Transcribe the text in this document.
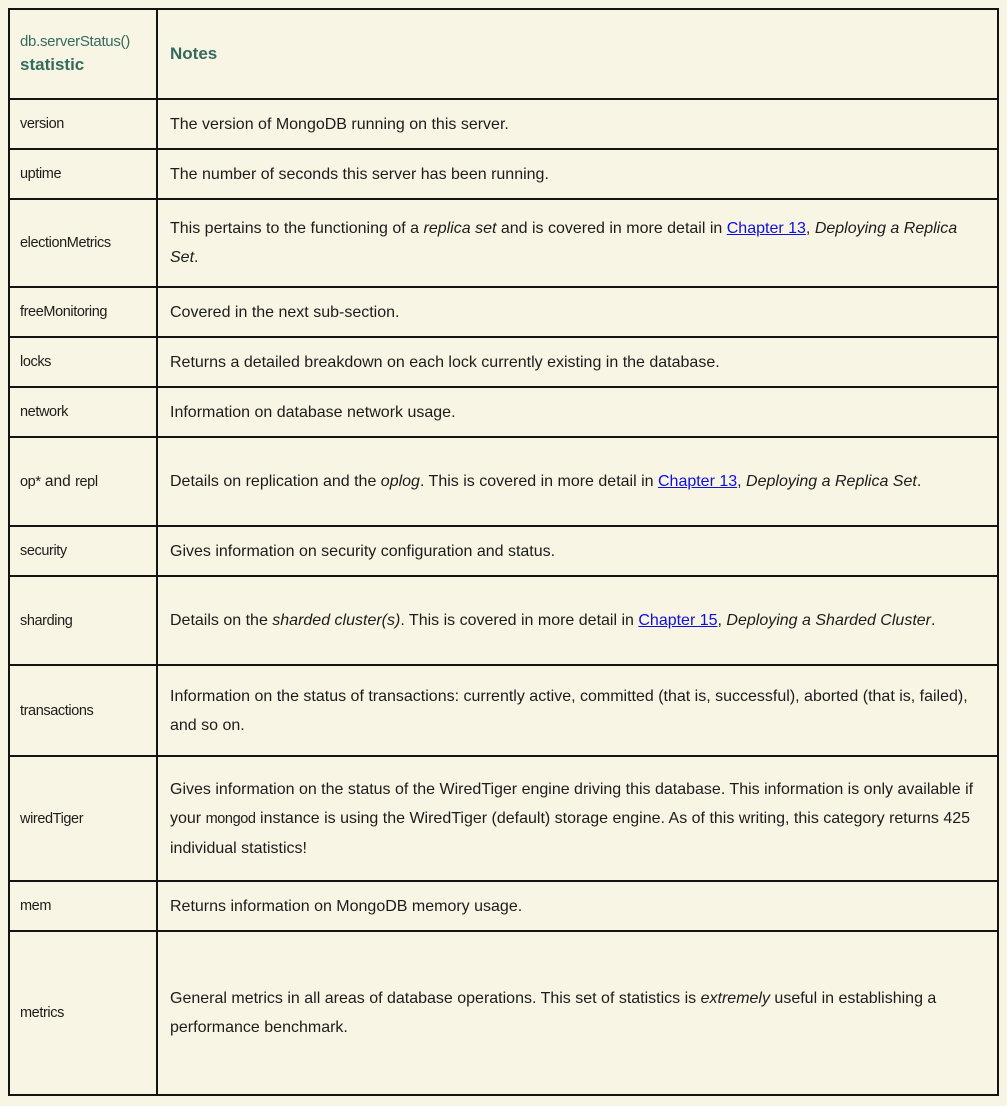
db.serverStatus()
statistic	Notes
version	The version of MongoDB running on this server.
uptime	The number of seconds this server has been running.
electionMetrics	This pertains to the functioning of a replica set and is covered in more detail in Chapter 13, Deploying a Replica Set.
freeMonitoring	Covered in the next sub-section.
locks	Returns a detailed breakdown on each lock currently existing in the database.
network	Information on database network usage.
op* and repl	Details on replication and the oplog. This is covered in more detail in Chapter 13, Deploying a Replica Set.
security	Gives information on security configuration and status.
sharding	Details on the sharded cluster(s). This is covered in more detail in Chapter 15, Deploying a Sharded Cluster.
transactions	Information on the status of transactions: currently active, committed (that is, successful), aborted (that is, failed), and so on.
wiredTiger	Gives information on the status of the WiredTiger engine driving this database. This information is only available if your mongod instance is using the WiredTiger (default) storage engine. As of this writing, this category returns 425 individual statistics!
mem	Returns information on MongoDB memory usage.
metrics	General metrics in all areas of database operations. This set of statistics is extremely useful in establishing a performance benchmark.
